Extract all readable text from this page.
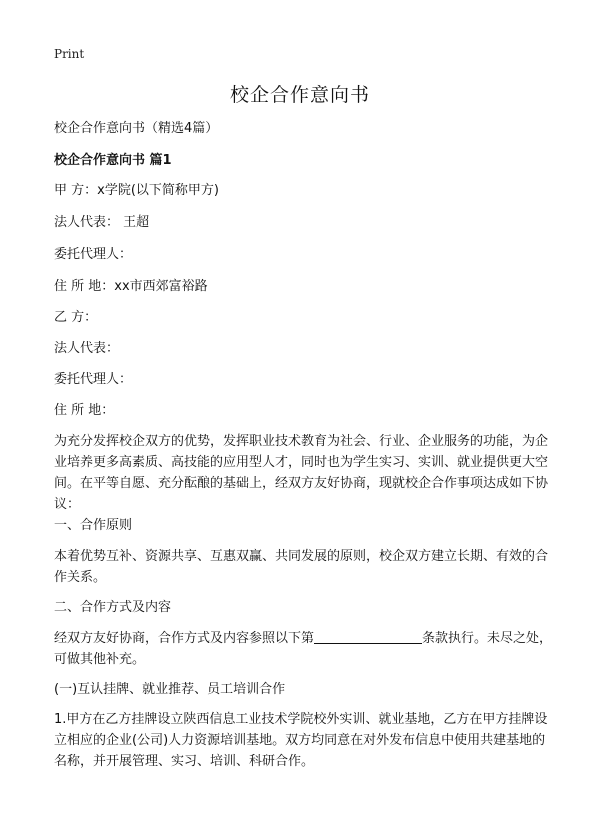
Print
校企合作意向书

校企合作意向书（精选4篇）

校企合作意向书 篇1

甲 方：x学院(以下简称甲方)

法人代表： 王超

委托代理人：

住 所 地：xx市西郊富裕路

乙 方：

法人代表：

委托代理人：

住 所 地：

为充分发挥校企双方的优势，发挥职业技术教育为社会、行业、企业服务的功能，为企业培养更多高素质、高技能的应用型人才，同时也为学生实习、实训、就业提供更大空间。在平等自愿、充分酝酿的基础上，经双方友好协商，现就校企合作事项达成如下协议：

一、合作原则

本着优势互补、资源共享、互惠双赢、共同发展的原则，校企双方建立长期、有效的合作关系。

二、合作方式及内容

经双方友好协商，合作方式及内容参照以下第	条款执行。未尽之处，可做其他补充。

(一)互认挂牌、就业推荐、员工培训合作

1.甲方在乙方挂牌设立陕西信息工业技术学院校外实训、就业基地，乙方在甲方挂牌设立相应的企业(公司)人力资源培训基地。双方均同意在对外发布信息中使用共建基地的名称，并开展管理、实习、培训、科研合作。
